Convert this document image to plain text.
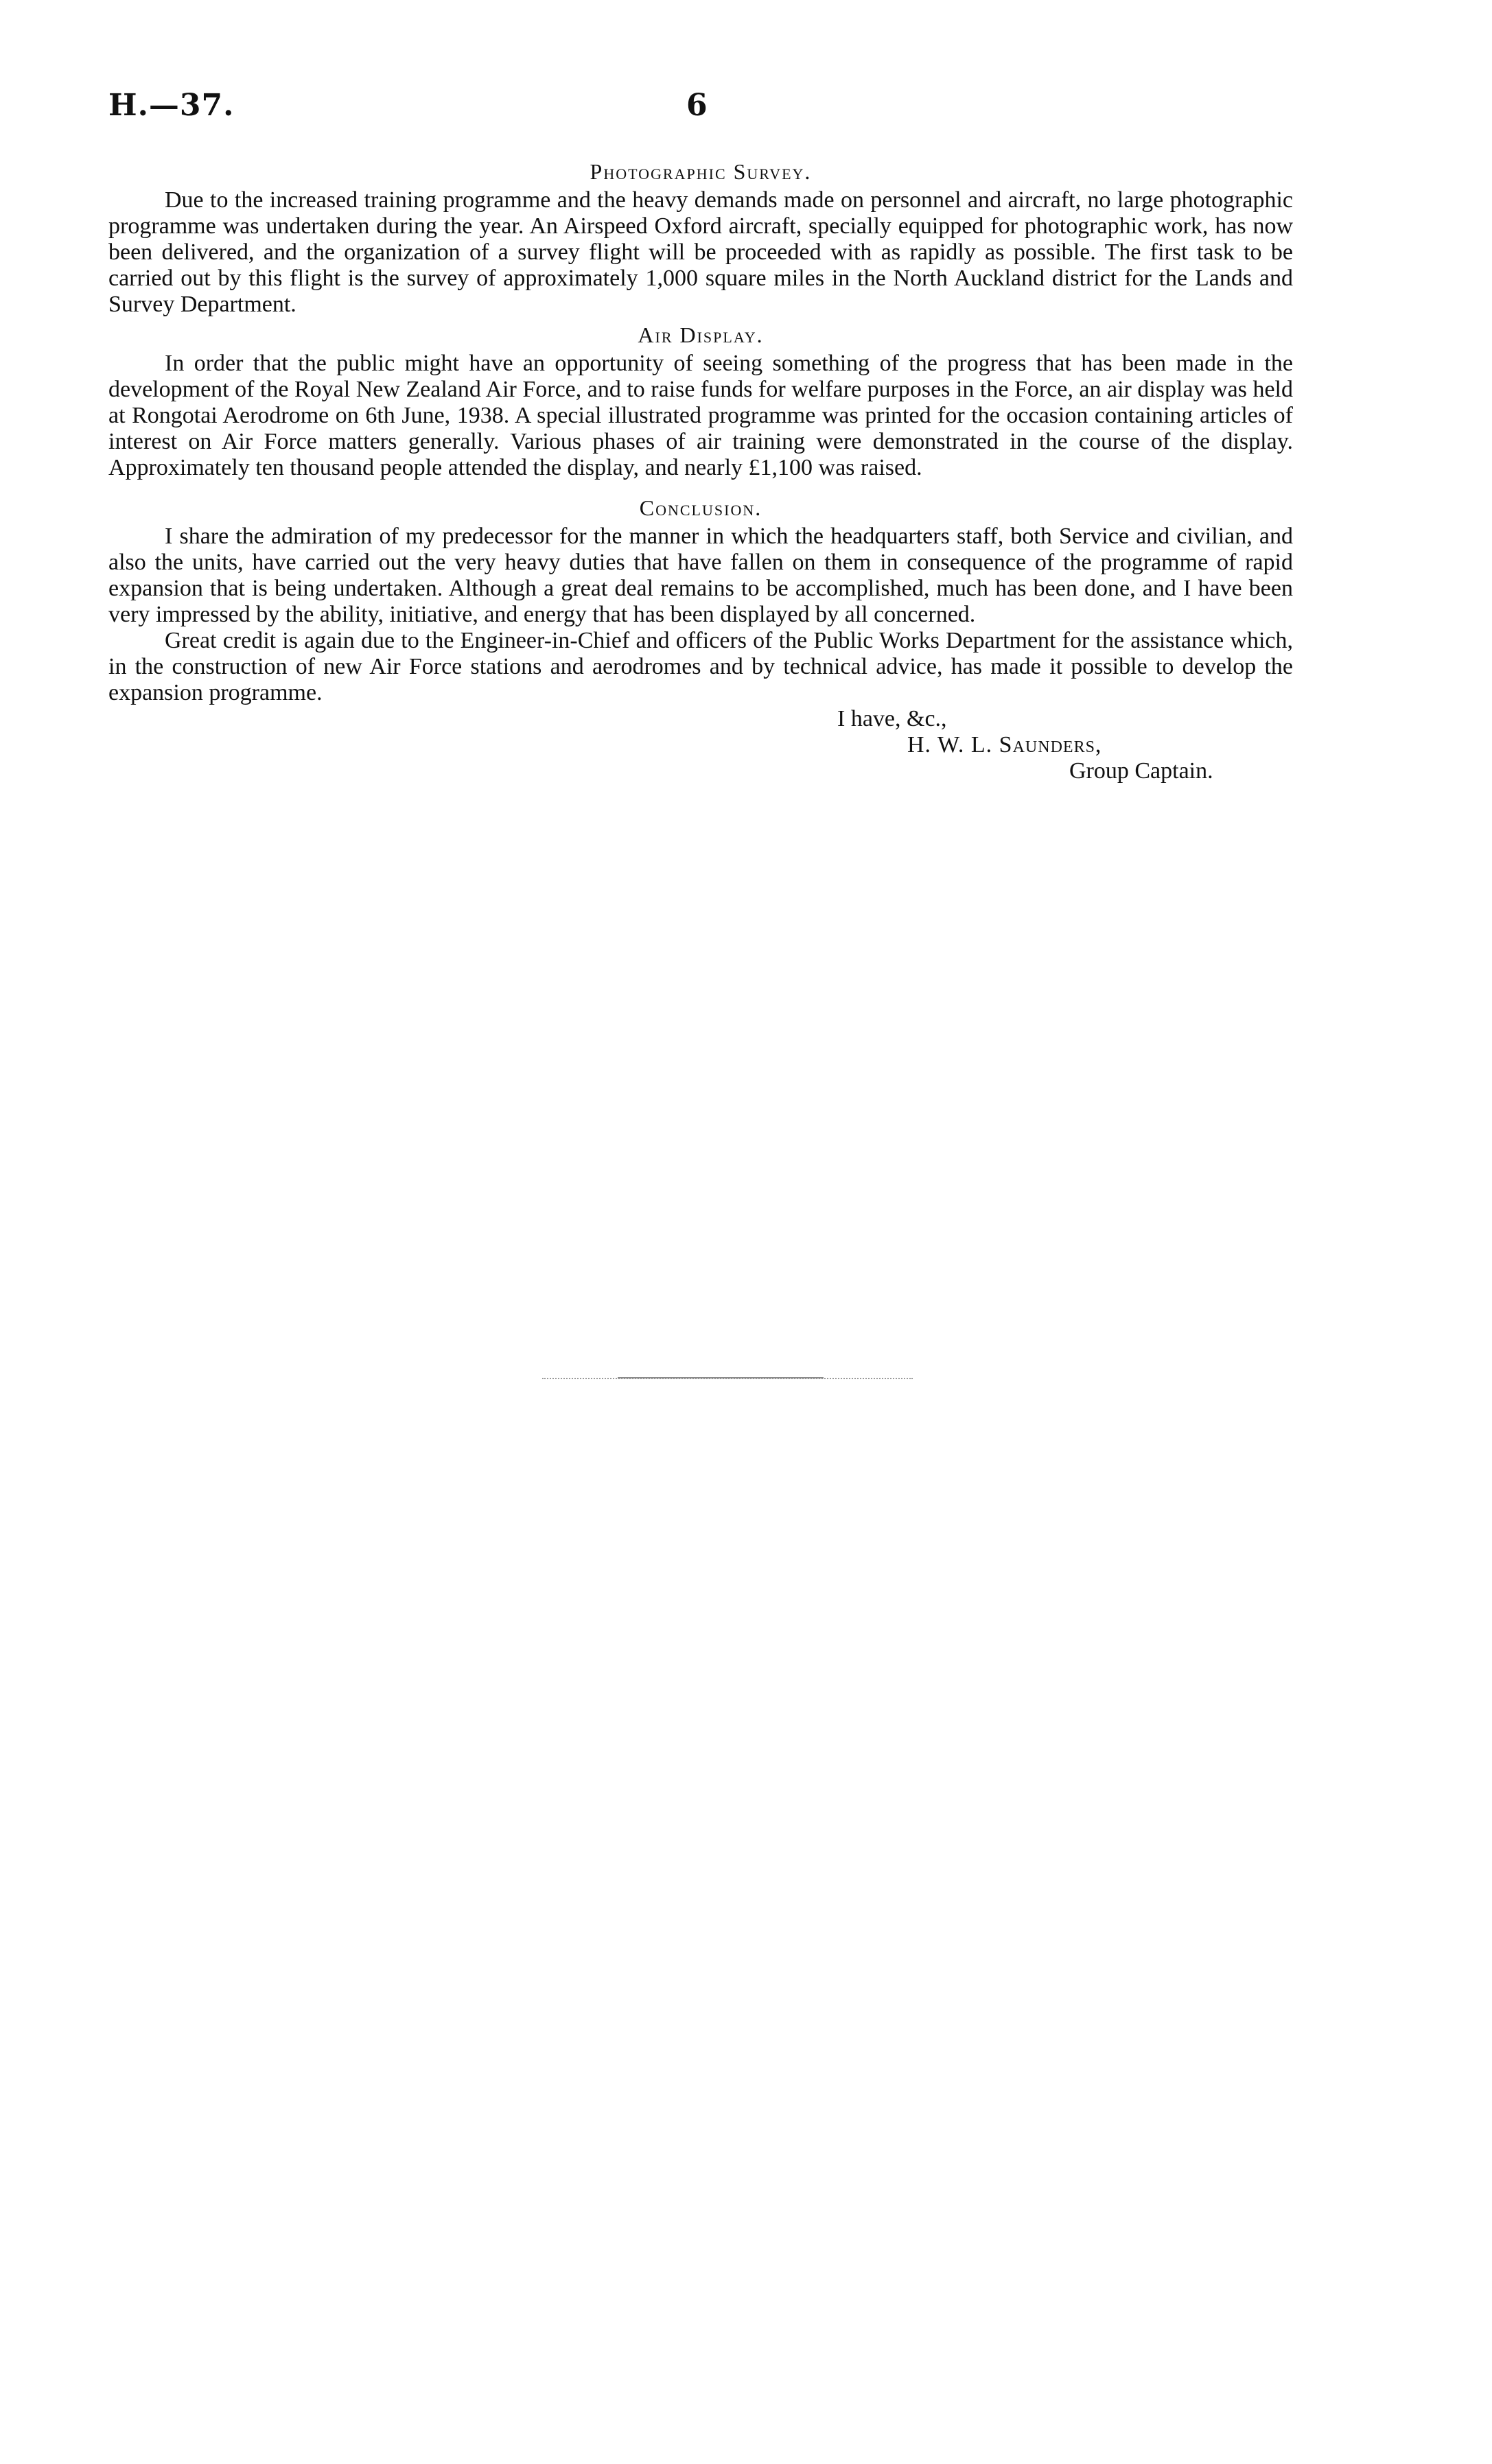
H.—37.	6
Photographic Survey.

Due to the increased training programme and the heavy demands made on personnel and aircraft, no large photographic programme was undertaken during the year. An Airspeed Oxford aircraft, specially equipped for photographic work, has now been delivered, and the organization of a survey flight will be proceeded with as rapidly as possible. The first task to be carried out by this flight is the survey of approximately 1,000 square miles in the North Auckland district for the Lands and Survey Department.

Air Display.

In order that the public might have an opportunity of seeing something of the progress that has been made in the development of the Royal New Zealand Air Force, and to raise funds for welfare purposes in the Force, an air display was held at Rongotai Aerodrome on 6th June, 1938. A special illustrated programme was printed for the occasion containing articles of interest on Air Force matters generally. Various phases of air training were demonstrated in the course of the display. Approximately ten thousand people attended the display, and nearly £1,100 was raised.

Conclusion.

I share the admiration of my predecessor for the manner in which the headquarters staff, both Service and civilian, and also the units, have carried out the very heavy duties that have fallen on them in consequence of the programme of rapid expansion that is being undertaken. Although a great deal remains to be accomplished, much has been done, and I have been very impressed by the ability, initiative, and energy that has been displayed by all concerned.

Great credit is again due to the Engineer-in-Chief and officers of the Public Works Department for the assistance which, in the construction of new Air Force stations and aerodromes and by technical advice, has made it possible to develop the expansion programme.

I have, &c.,
H. W. L. Saunders,
Group Captain.
